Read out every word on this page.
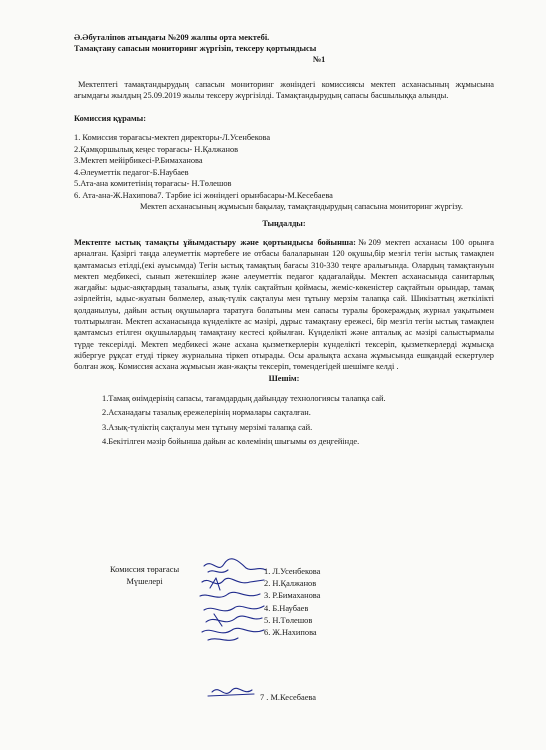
Ә.Әбуталіпов атындағы №209 жалпы орта мектебі.

Тамақтану сапасын мониторинг жүргізіп, тексеру қортындысы

№1

Мектептегі тамақтандырудың сапасын мониторинг жөніндегі комиссиясы мектеп асханасының жұмысына ағымдағы жылдың 25.09.2019 жылы тексеру жүргізілді. Тамақтандырудың сапасы басшылыққа алынды.

Комиссия құрамы:

1. Комиссия төрағасы-мектеп директоры-Л.Усенбекова
2.Қамқоршылық кеңес төрағасы- Н.Қалжанов
3.Мектеп мейірбикесі-Р.Бимаханова
4.Әлеуметтік педагог-Б.Наубаев
5.Ата-ана комитетінің төрағасы- Н.Төлешов
6. Ата-ана-Ж.Нахипова7. Тәрбие ісі жөніндегі орынбасары-М.Кесебаева

Мектеп асханасының жұмысын бақылау, тамақтандырудың сапасына мониторинг жүргізу.

Тыңдалды:

Мектепте ыстық тамақты ұйымдастыру және қортындысы бойынша:№209 мектеп асханасы 100 орынға арналған. Қазіргі таңда әлеуметтік мәртебеге ие отбасы балаларынан 120 оқушы,бір мезгіл тегін ыстық тамақпен қамтамасыз етілді,(екі ауысымда) Тегін ыстық тамақтың бағасы 310-330 теңге аралығында. Олардың тамақтануын мектеп медбикесі, сынып жетекшілер және әлеуметтік педагог қадағалайды. Мектеп асханасында санитарлық жағдайы: ыдыс-аяқтардың тазалығы, азық түлік сақтайтын қоймасы, жеміс-көкеністер сақтайтын орындар, тамақ әзірлейтін, ыдыс-жуатын бөлмелер, азық-түлік сақталуы мен тұтыну мерзім талапқа сай. Шикізаттың жеткілікті қолданылуы, дайын астың оқушыларға таратуға болатыны мен сапасы туралы брокераждық журнал уақытымен толтырылған. Мектеп асханасында күнделікте ас мәзірі, дұрыс тамақтану ережесі, бір мезгіл тегін ыстық тамақпен қамтамсыз етілген оқушылардың тамақтану кестесі қойылған. Күнделікті және апталық ас мәзірі салыстырмалы түрде тексерілді. Мектеп медбикесі және асхана қызметкерлерін күнделікті тексеріп, қызметкерлерді жұмысқа жібергуе рұқсат етуді тіркеу журналына тіркеп отырады. Осы аралықта асхана жұмысында ешқандай ескертулер болған жоқ. Комиссия асхана жұмысын жан-жақты тексеріп, төмендегідей шешімге келді .

Шешім:

1.Тамақ өнімдерінің сапасы, тағамдардың дайындау технологиясы талапқа сай.
2.Асханадағы тазалық ережелерінің нормалары сақталған.
3.Азық-түліктің сақталуы мен тұтыну мерзімі талапқа сай.
4.Бекітілген мәзір бойынша дайын ас көлемінің шығымы өз деңгейінде.
Комиссия төрағасы
Мүшелері
1. Л.Усенбекова
2. Н.Қалжанов
3. Р.Бимаханова
4. Б.Наубаев
5. Н.Төлешов
6. Ж.Нахипова
7 . М.Кесебаева
